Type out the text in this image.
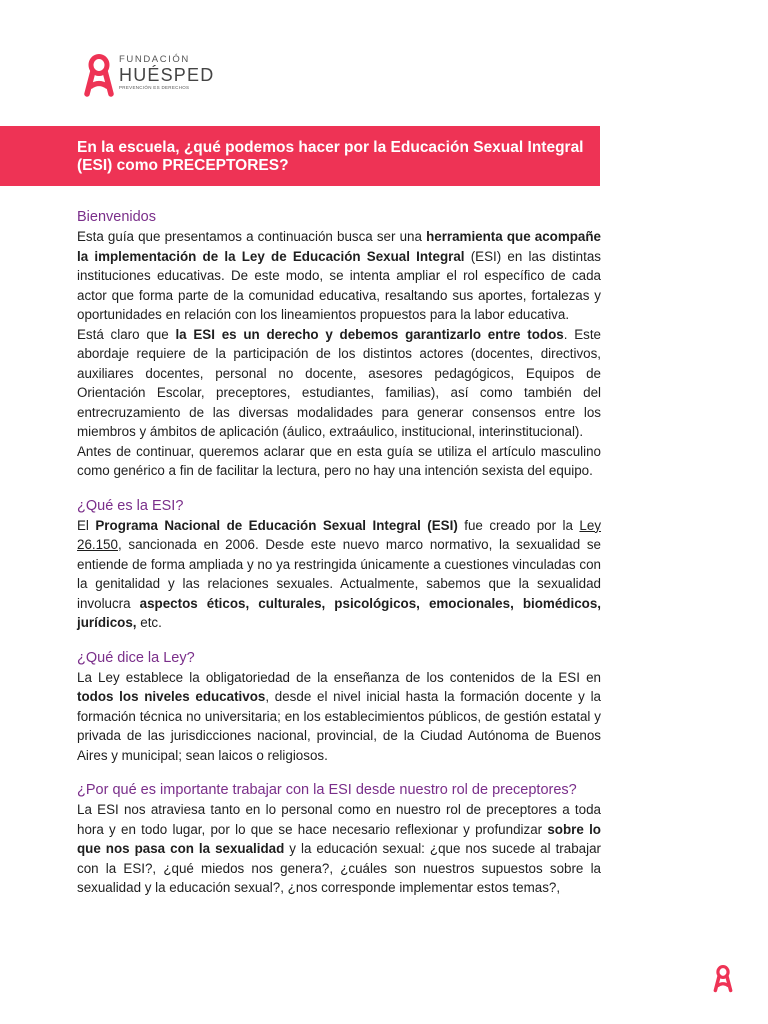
FUNDACIÓN
HUÉSPED
PREVENCIÓN ES DERECHOS
En la escuela, ¿qué podemos hacer por la Educación Sexual Integral (ESI) como PRECEPTORES?
Bienvenidos

Esta guía que presentamos a continuación busca ser una herramienta que acompañe la implementación de la Ley de Educación Sexual Integral (ESI) en las distintas instituciones educativas. De este modo, se intenta ampliar el rol específico de cada actor que forma parte de la comunidad educativa, resaltando sus aportes, fortalezas y oportunidades en relación con los lineamientos propuestos para la labor educativa.

Está claro que la ESI es un derecho y debemos garantizarlo entre todos. Este abordaje requiere de la participación de los distintos actores (docentes, directivos, auxiliares docentes, personal no docente, asesores pedagógicos, Equipos de Orientación Escolar, preceptores, estudiantes, familias), así como también del entrecruzamiento de las diversas modalidades para generar consensos entre los miembros y ámbitos de aplicación (áulico, extraáulico, institucional, interinstitucional).

Antes de continuar, queremos aclarar que en esta guía se utiliza el artículo masculino como genérico a fin de facilitar la lectura, pero no hay una intención sexista del equipo.

¿Qué es la ESI?

El Programa Nacional de Educación Sexual Integral (ESI) fue creado por la Ley 26.150, sancionada en 2006. Desde este nuevo marco normativo, la sexualidad se entiende de forma ampliada y no ya restringida únicamente a cuestiones vinculadas con la genitalidad y las relaciones sexuales. Actualmente, sabemos que la sexualidad involucra aspectos éticos, culturales, psicológicos, emocionales, biomédicos, jurídicos, etc.

¿Qué dice la Ley?

La Ley establece la obligatoriedad de la enseñanza de los contenidos de la ESI en todos los niveles educativos, desde el nivel inicial hasta la formación docente y la formación técnica no universitaria; en los establecimientos públicos, de gestión estatal y privada de las jurisdicciones nacional, provincial, de la Ciudad Autónoma de Buenos Aires y municipal; sean laicos o religiosos.

¿Por qué es importante trabajar con la ESI desde nuestro rol de preceptores?

La ESI nos atraviesa tanto en lo personal como en nuestro rol de preceptores a toda hora y en todo lugar, por lo que se hace necesario reflexionar y profundizar sobre lo que nos pasa con la sexualidad y la educación sexual: ¿que nos sucede al trabajar con la ESI?, ¿qué miedos nos genera?, ¿cuáles son nuestros supuestos sobre la sexualidad y la educación sexual?, ¿nos corresponde implementar estos temas?,
